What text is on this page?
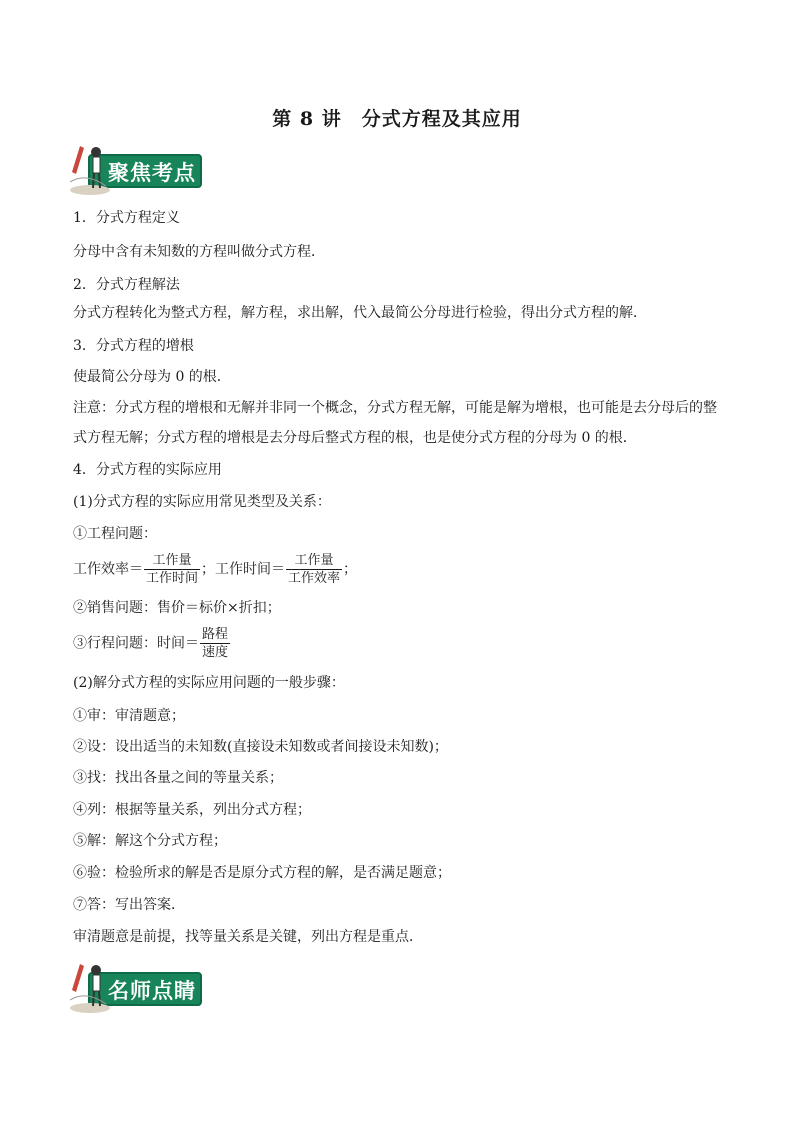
第 8 讲 分式方程及其应用
聚焦考点
1．分式方程定义
分母中含有未知数的方程叫做分式方程．
2．分式方程解法
分式方程转化为整式方程，解方程，求出解，代入最简公分母进行检验，得出分式方程的解．
3．分式方程的增根
使最简公分母为 0 的根．
注意：分式方程的增根和无解并非同一个概念，分式方程无解，可能是解为增根，也可能是去分母后的整
式方程无解；分式方程的增根是去分母后整式方程的根，也是使分式方程的分母为 0 的根．
4．分式方程的实际应用
(1)分式方程的实际应用常见类型及关系：
①工程问题：
工作效率＝ $\frac{\text{工作量}}{\text{工作时间}}$ ；工作时间＝ $\frac{\text{工作量}}{\text{工作效率}}$ ；
②销售问题：售价＝标价×折扣；
③行程问题：时间＝ $\frac{\text{路程}}{\text{速度}}$
(2)解分式方程的实际应用问题的一般步骤：
①审：审清题意；
②设：设出适当的未知数(直接设未知数或者间接设未知数)；
③找：找出各量之间的等量关系；
④列：根据等量关系，列出分式方程；
⑤解：解这个分式方程；
⑥验：检验所求的解是否是原分式方程的解，是否满足题意；
⑦答：写出答案．
审清题意是前提，找等量关系是关键，列出方程是重点．
名师点睛
